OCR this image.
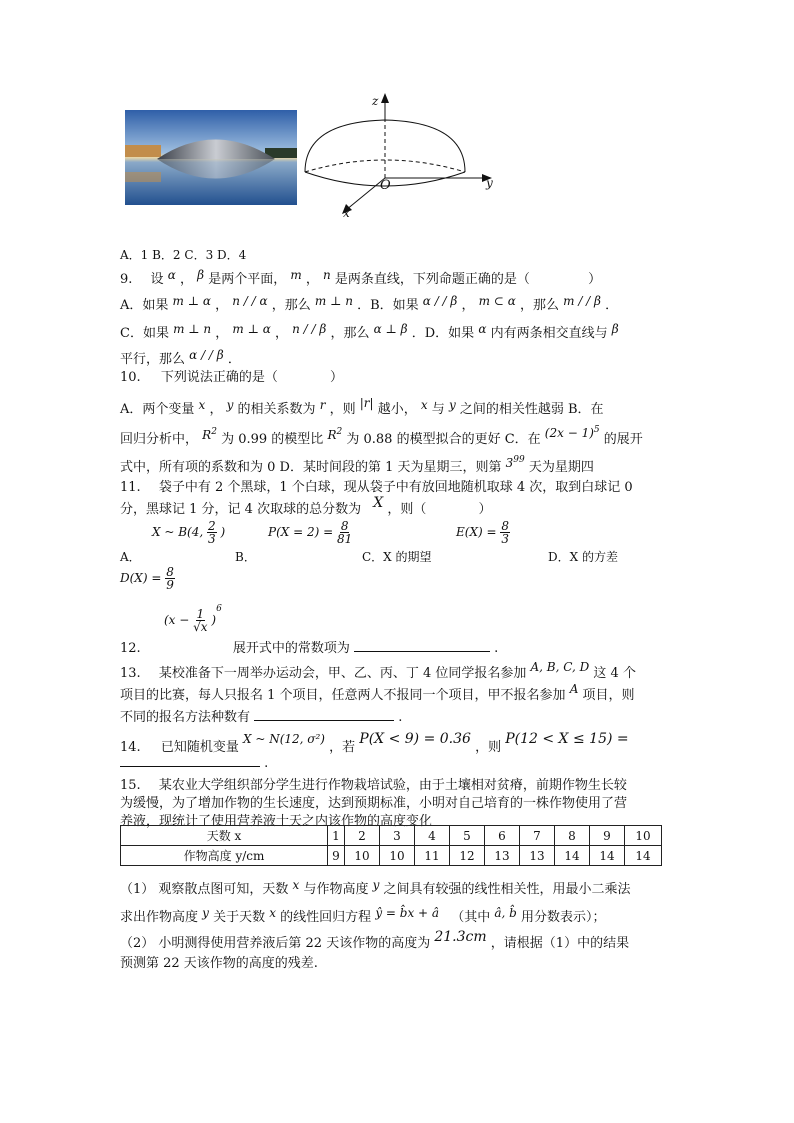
z
y
x
O
A．1 B．2 C．3 D．4
9. 设 α ， β 是两个平面， m ， n 是两条直线，下列命题正确的是（	）
A．如果 m ⊥ α ， n / / α ，那么 m ⊥ n ．B．如果 α / / β ， m ⊂ α ，那么 m / / β ．
C．如果 m ⊥ n ， m ⊥ α ， n / / β ，那么 α ⊥ β ．D．如果 α 内有两条相交直线与 β
平行，那么 α / / β ．
10. 下列说法正确的是（	）
A．两个变量 x ， y 的相关系数为 r ，则 |r| 越小， x 与 y 之间的相关性越弱 B．在
回归分析中， $R^2$ 为 0.99 的模型比 $R^2$ 为 0.88 的模型拟合的更好 C．在 $(2x - 1)^5$ 的展开
式中，所有项的系数和为 0 D．某时间段的第 1 天为星期三，则第 $3^{99}$ 天为星期四
11. 袋子中有 2 个黑球，1 个白球，现从袋子中有放回地随机取球 4 次，取到白球记 0
分，黑球记 1 分，记 4 次取球的总分数为 X ，则（	）
X ~ B(4, $\frac{2}{3}$ )
A．	B．
$P(X = 2) = \frac{8}{81}$
C．X 的期望
$E(X) = \frac{8}{3}$
D．X 的方差
$D(X) = \frac{8}{9}$
$(x - \frac{1}{√x} )^6$
12.	展开式中的常数项为	.
13. 某校准备下一周举办运动会，甲、乙、丙、丁 4 位同学报名参加 A, B, C, D 这 4 个
项目的比赛，每人只报名 1 个项目，任意两人不报同一个项目，甲不报名参加 A 项目，则
不同的报名方法种数有	.
14. 已知随机变量 X ~ N(12, σ²) ，若 P(X < 9) = 0.36 ，则 P(12 < X ≤ 15) =
.
15. 某农业大学组织部分学生进行作物栽培试验，由于土壤相对贫瘠，前期作物生长较
为缓慢，为了增加作物的生长速度，达到预期标准，小明对自己培育的一株作物使用了营
养液，现统计了使用营养液十天之内该作物的高度变化
天数 x	1	2	3	4	5	6	7	8	9	10
作物高度 y/cm	9	10	10	11	12	13	13	14	14	14
（1） 观察散点图可知，天数 x 与作物高度 y 之间具有较强的线性相关性，用最小二乘法
求出作物高度 y 关于天数 x 的线性回归方程 ŷ = b̂x + â （其中 â, b̂ 用分数表示）；
（2） 小明测得使用营养液后第 22 天该作物的高度为 21.3cm ，请根据（1）中的结果
预测第 22 天该作物的高度的残差.
